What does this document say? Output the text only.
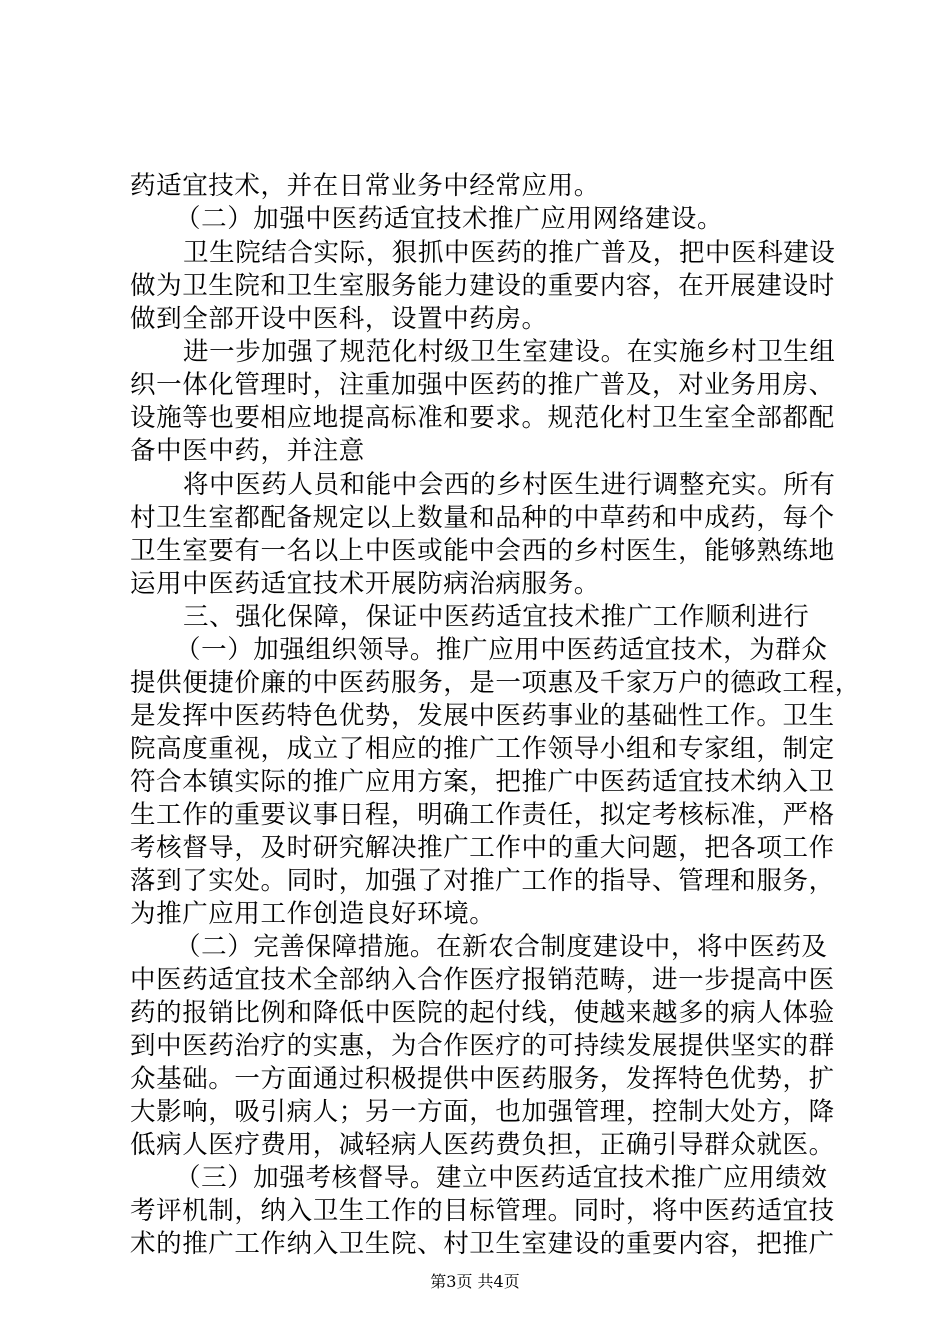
药适宜技术，并在日常业务中经常应用。
（二）加强中医药适宜技术推广应用网络建设。
卫生院结合实际，狠抓中医药的推广普及，把中医科建设
做为卫生院和卫生室服务能力建设的重要内容，在开展建设时
做到全部开设中医科，设置中药房。
进一步加强了规范化村级卫生室建设。在实施乡村卫生组
织一体化管理时，注重加强中医药的推广普及，对业务用房、
设施等也要相应地提高标准和要求。规范化村卫生室全部都配
备中医中药，并注意
将中医药人员和能中会西的乡村医生进行调整充实。所有
村卫生室都配备规定以上数量和品种的中草药和中成药，每个
卫生室要有一名以上中医或能中会西的乡村医生，能够熟练地
运用中医药适宜技术开展防病治病服务。
三、强化保障，保证中医药适宜技术推广工作顺利进行
（一）加强组织领导。推广应用中医药适宜技术，为群众
提供便捷价廉的中医药服务，是一项惠及千家万户的德政工程，
是发挥中医药特色优势，发展中医药事业的基础性工作。卫生
院高度重视，成立了相应的推广工作领导小组和专家组，制定
符合本镇实际的推广应用方案，把推广中医药适宜技术纳入卫
生工作的重要议事日程，明确工作责任，拟定考核标准，严格
考核督导，及时研究解决推广工作中的重大问题，把各项工作
落到了实处。同时，加强了对推广工作的指导、管理和服务，
为推广应用工作创造良好环境。
（二）完善保障措施。在新农合制度建设中，将中医药及
中医药适宜技术全部纳入合作医疗报销范畴，进一步提高中医
药的报销比例和降低中医院的起付线，使越来越多的病人体验
到中医药治疗的实惠，为合作医疗的可持续发展提供坚实的群
众基础。一方面通过积极提供中医药服务，发挥特色优势，扩
大影响，吸引病人；另一方面，也加强管理，控制大处方，降
低病人医疗费用，减轻病人医药费负担，正确引导群众就医。
（三）加强考核督导。建立中医药适宜技术推广应用绩效
考评机制，纳入卫生工作的目标管理。同时，将中医药适宜技
术的推广工作纳入卫生院、村卫生室建设的重要内容，把推广
第3页 共4页
